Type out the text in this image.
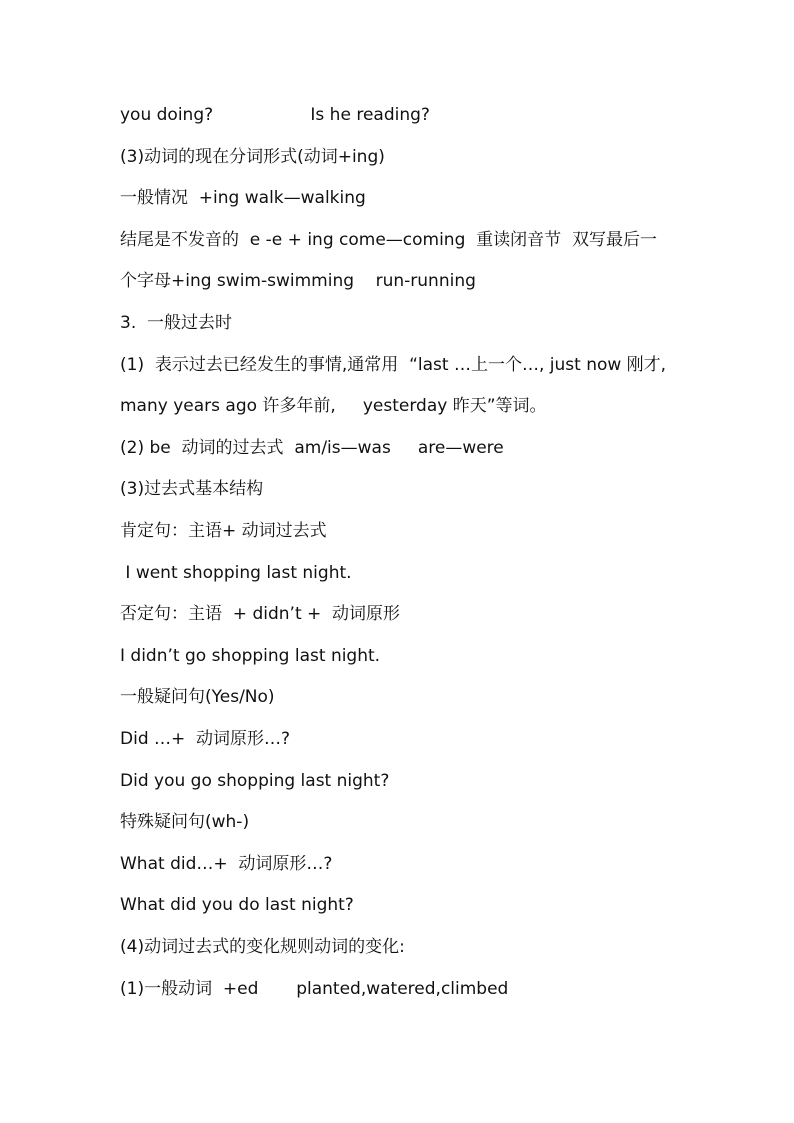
you doing?                  Is he reading?
(3)动词的现在分词形式(动词+ing)
一般情况  +ing walk—walking
结尾是不发音的  e -e + ing come—coming  重读闭音节  双写最后一
个字母+ing swim-swimming    run-running
3.  一般过去时
(1)  表示过去已经发生的事情,通常用  “last …上一个…, just now 刚才,
many years ago 许多年前,     yesterday 昨天”等词。
(2) be  动词的过去式  am/is—was     are—were
(3)过去式基本结构
肯定句：主语+ 动词过去式
I went shopping last night.
否定句：主语  + didn’t +  动词原形
I didn’t go shopping last night.
一般疑问句(Yes/No)
Did …+  动词原形…?
Did you go shopping last night?
特殊疑问句(wh-)
What did…+  动词原形…?
What did you do last night?
(4)动词过去式的变化规则动词的变化:
(1)一般动词  +ed       planted,watered,climbed
